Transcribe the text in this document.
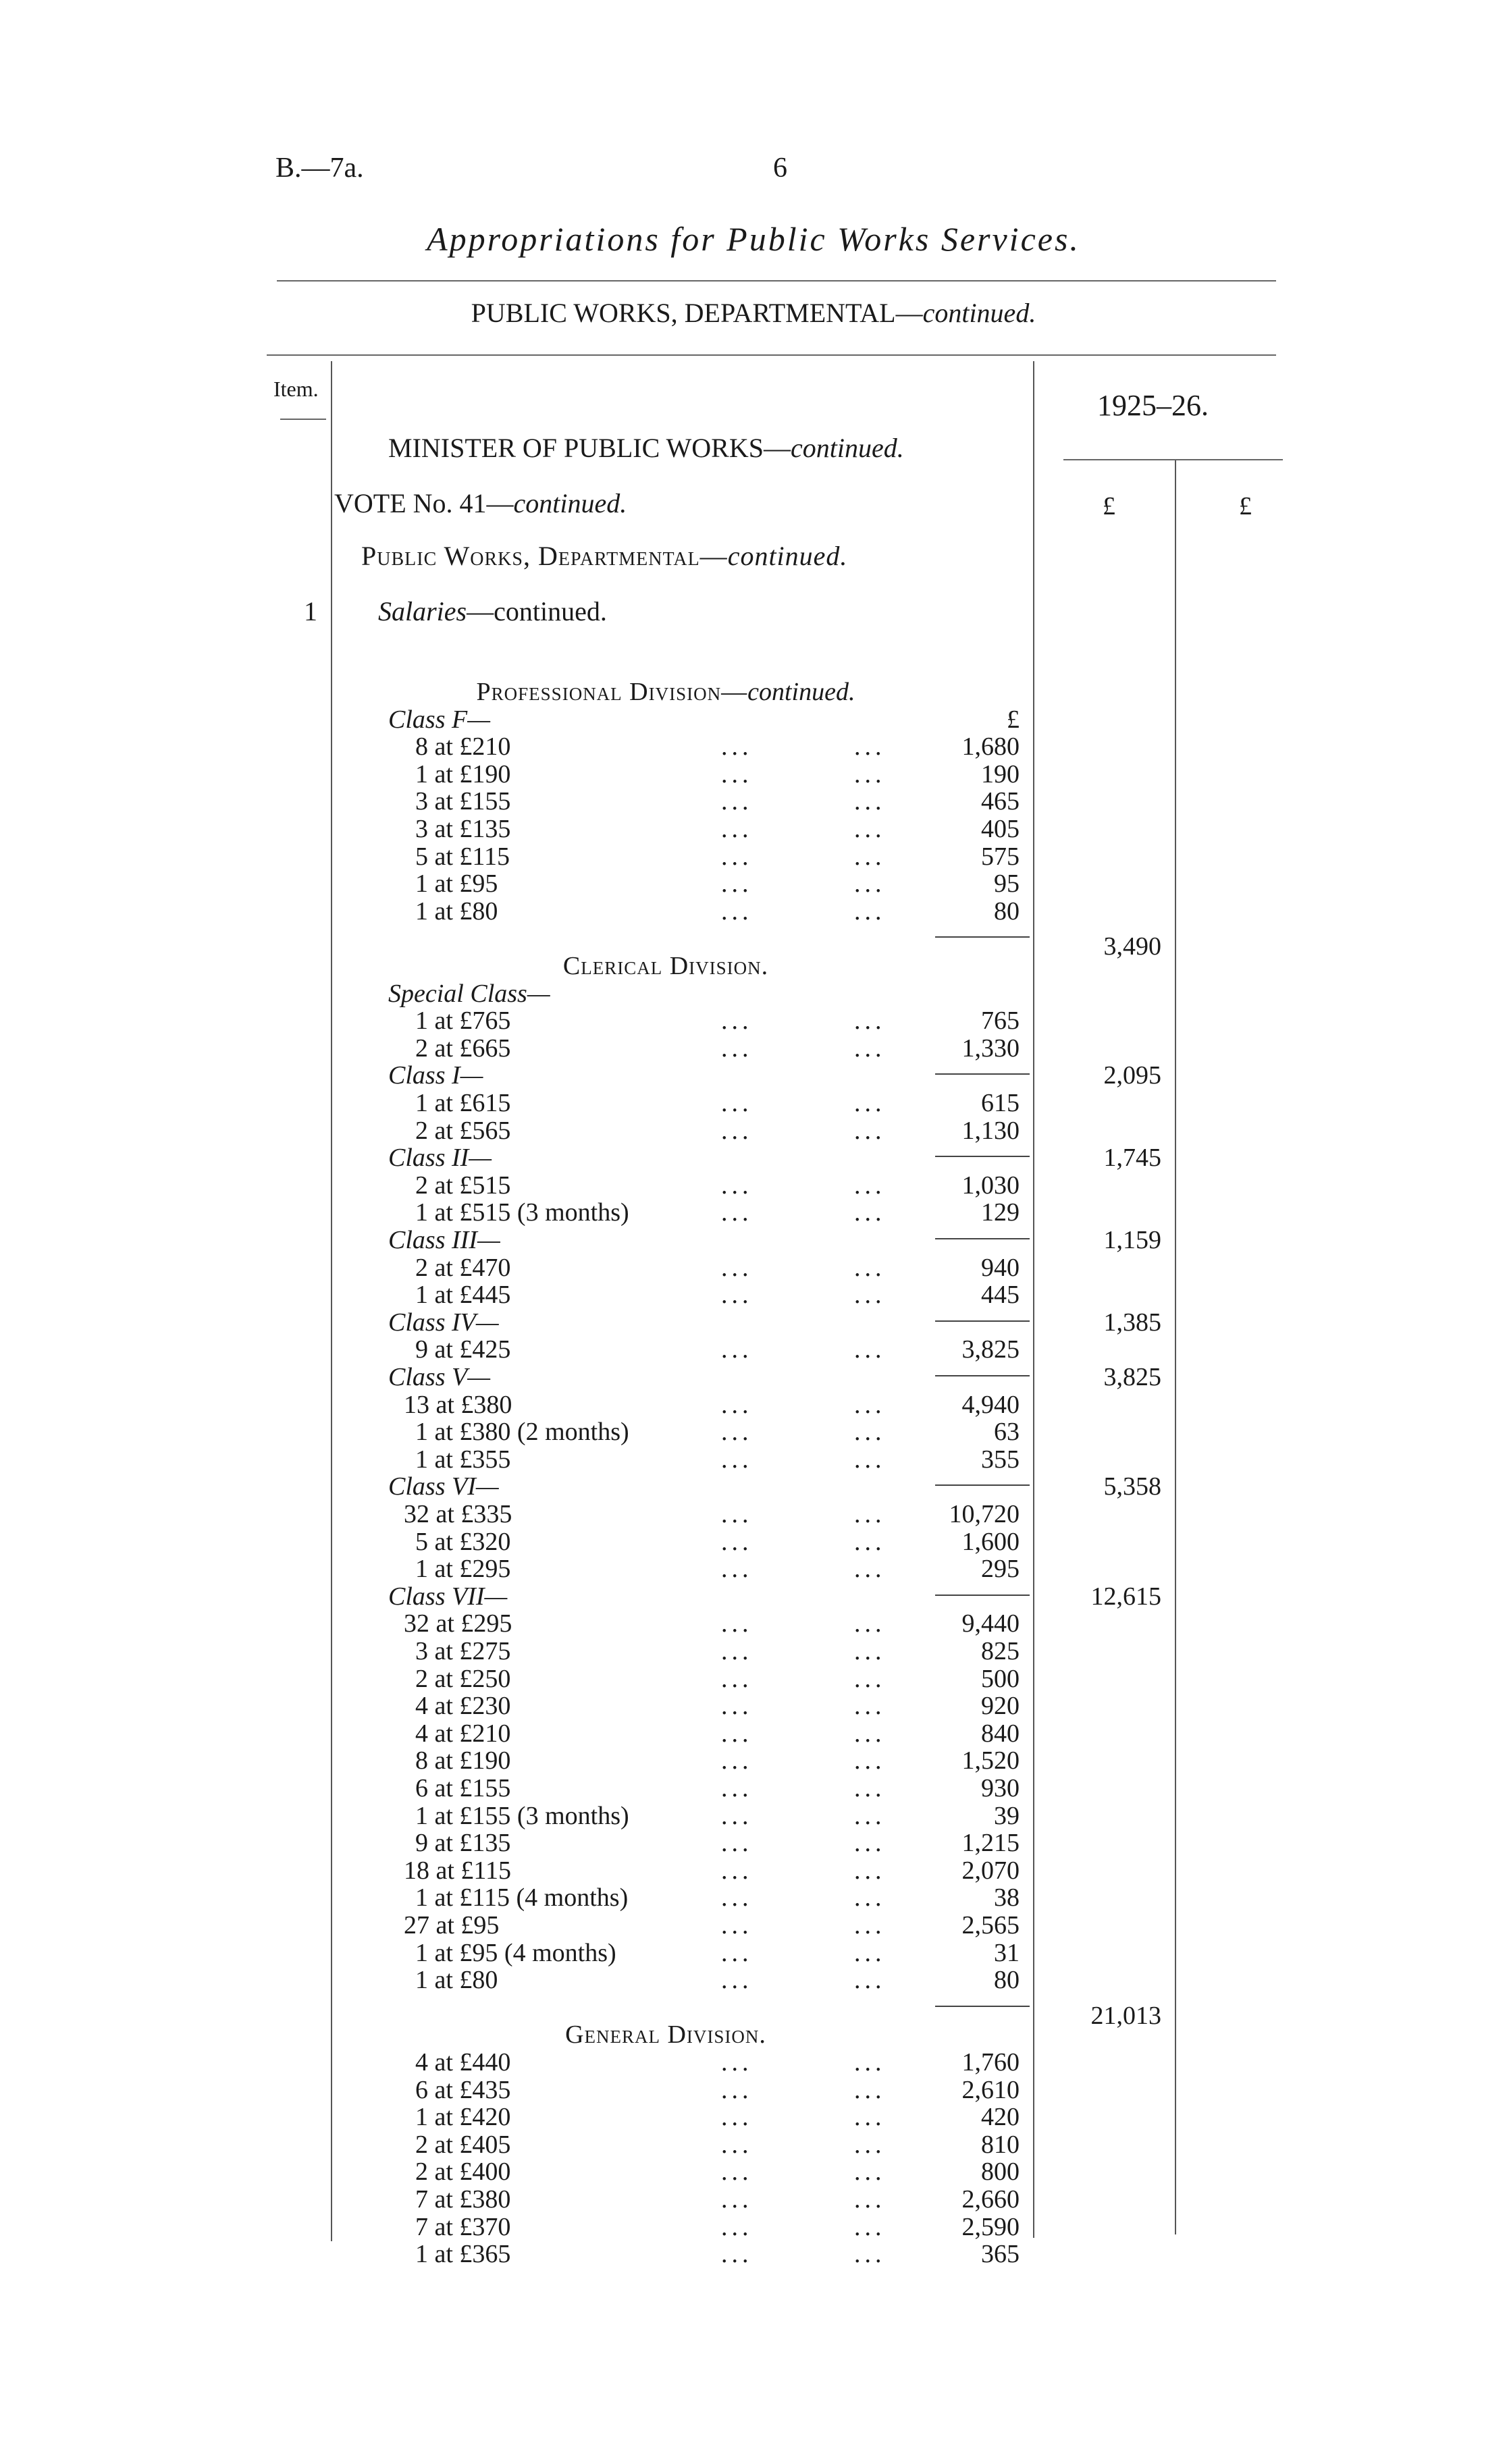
B.—7a.	6
Appropriations for Public Works Services.
PUBLIC WORKS, DEPARTMENTAL—continued.
Item.	1925–26.
£	£
MINISTER OF PUBLIC WORKS—continued.
VOTE No. 41—continued.
Public Works, Departmental—continued.
1 Salaries—continued.
Professional Division—continued.
Class F—	£
8 at £210	...	...	1,680
1 at £190	...	...	190
3 at £155	...	...	465
3 at £135	...	...	405
5 at £115	...	...	575
1 at £95	...	...	95
1 at £80	...	...	80
3,490
Clerical Division.
Special Class—
1 at £765	...	...	765
2 at £665	...	...	1,330
Class I—	2,095
1 at £615	...	...	615
2 at £565	...	...	1,130
Class II—	1,745
2 at £515	...	...	1,030
1 at £515 (3 months)	...	...	129
Class III—	1,159
2 at £470	...	...	940
1 at £445	...	...	445
Class IV—	1,385
9 at £425	...	...	3,825
Class V—	3,825
13 at £380	...	...	4,940
1 at £380 (2 months)	...	...	63
1 at £355	...	...	355
Class VI—	5,358
32 at £335	...	... 10,720
5 at £320	...	...	1,600
1 at £295	...	...	295
Class VII—	12,615
32 at £295	...	...	9,440
3 at £275	...	...	825
2 at £250	...	...	500
4 at £230	...	...	920
4 at £210	...	...	840
8 at £190	...	...	1,520
6 at £155	...	...	930
1 at £155 (3 months)	...	...	39
9 at £135	...	...	1,215
18 at £115	...	...	2,070
1 at £115 (4 months)	...	...	38
27 at £95	...	...	2,565
1 at £95 (4 months)	...	...	31
1 at £80	...	...	80
21,013
General Division.
4 at £440	...	...	1,760
6 at £435	...	...	2,610
1 at £420	...	...	420
2 at £405	...	...	810
2 at £400	...	...	800
7 at £380	...	...	2,660
7 at £370	...	...	2,590
1 at £365	...	...	365
